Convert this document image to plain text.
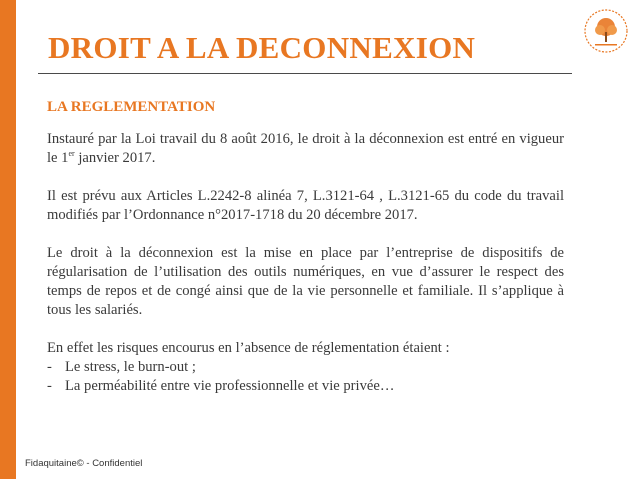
DROIT A LA DECONNEXION
LA REGLEMENTATION
Instauré par la Loi travail du 8 août 2016, le droit à la déconnexion est entré en vigueur le 1er janvier 2017.
Il est prévu aux Articles L.2242-8 alinéa 7, L.3121-64 , L.3121-65 du code du travail modifiés par l’Ordonnance n°2017-1718 du 20 décembre 2017.
Le droit à la déconnexion est la mise en place par l’entreprise de dispositifs de régularisation de l’utilisation des outils numériques, en vue d’assurer le respect des temps de repos et de congé ainsi que de la vie personnelle et familiale. Il s’applique à tous les salariés.
En effet les risques encourus en l’absence de réglementation étaient :
- Le stress, le burn-out ;
- La perméabilité entre vie professionnelle et vie privée…
Fidaquitaine© - Confidentiel
